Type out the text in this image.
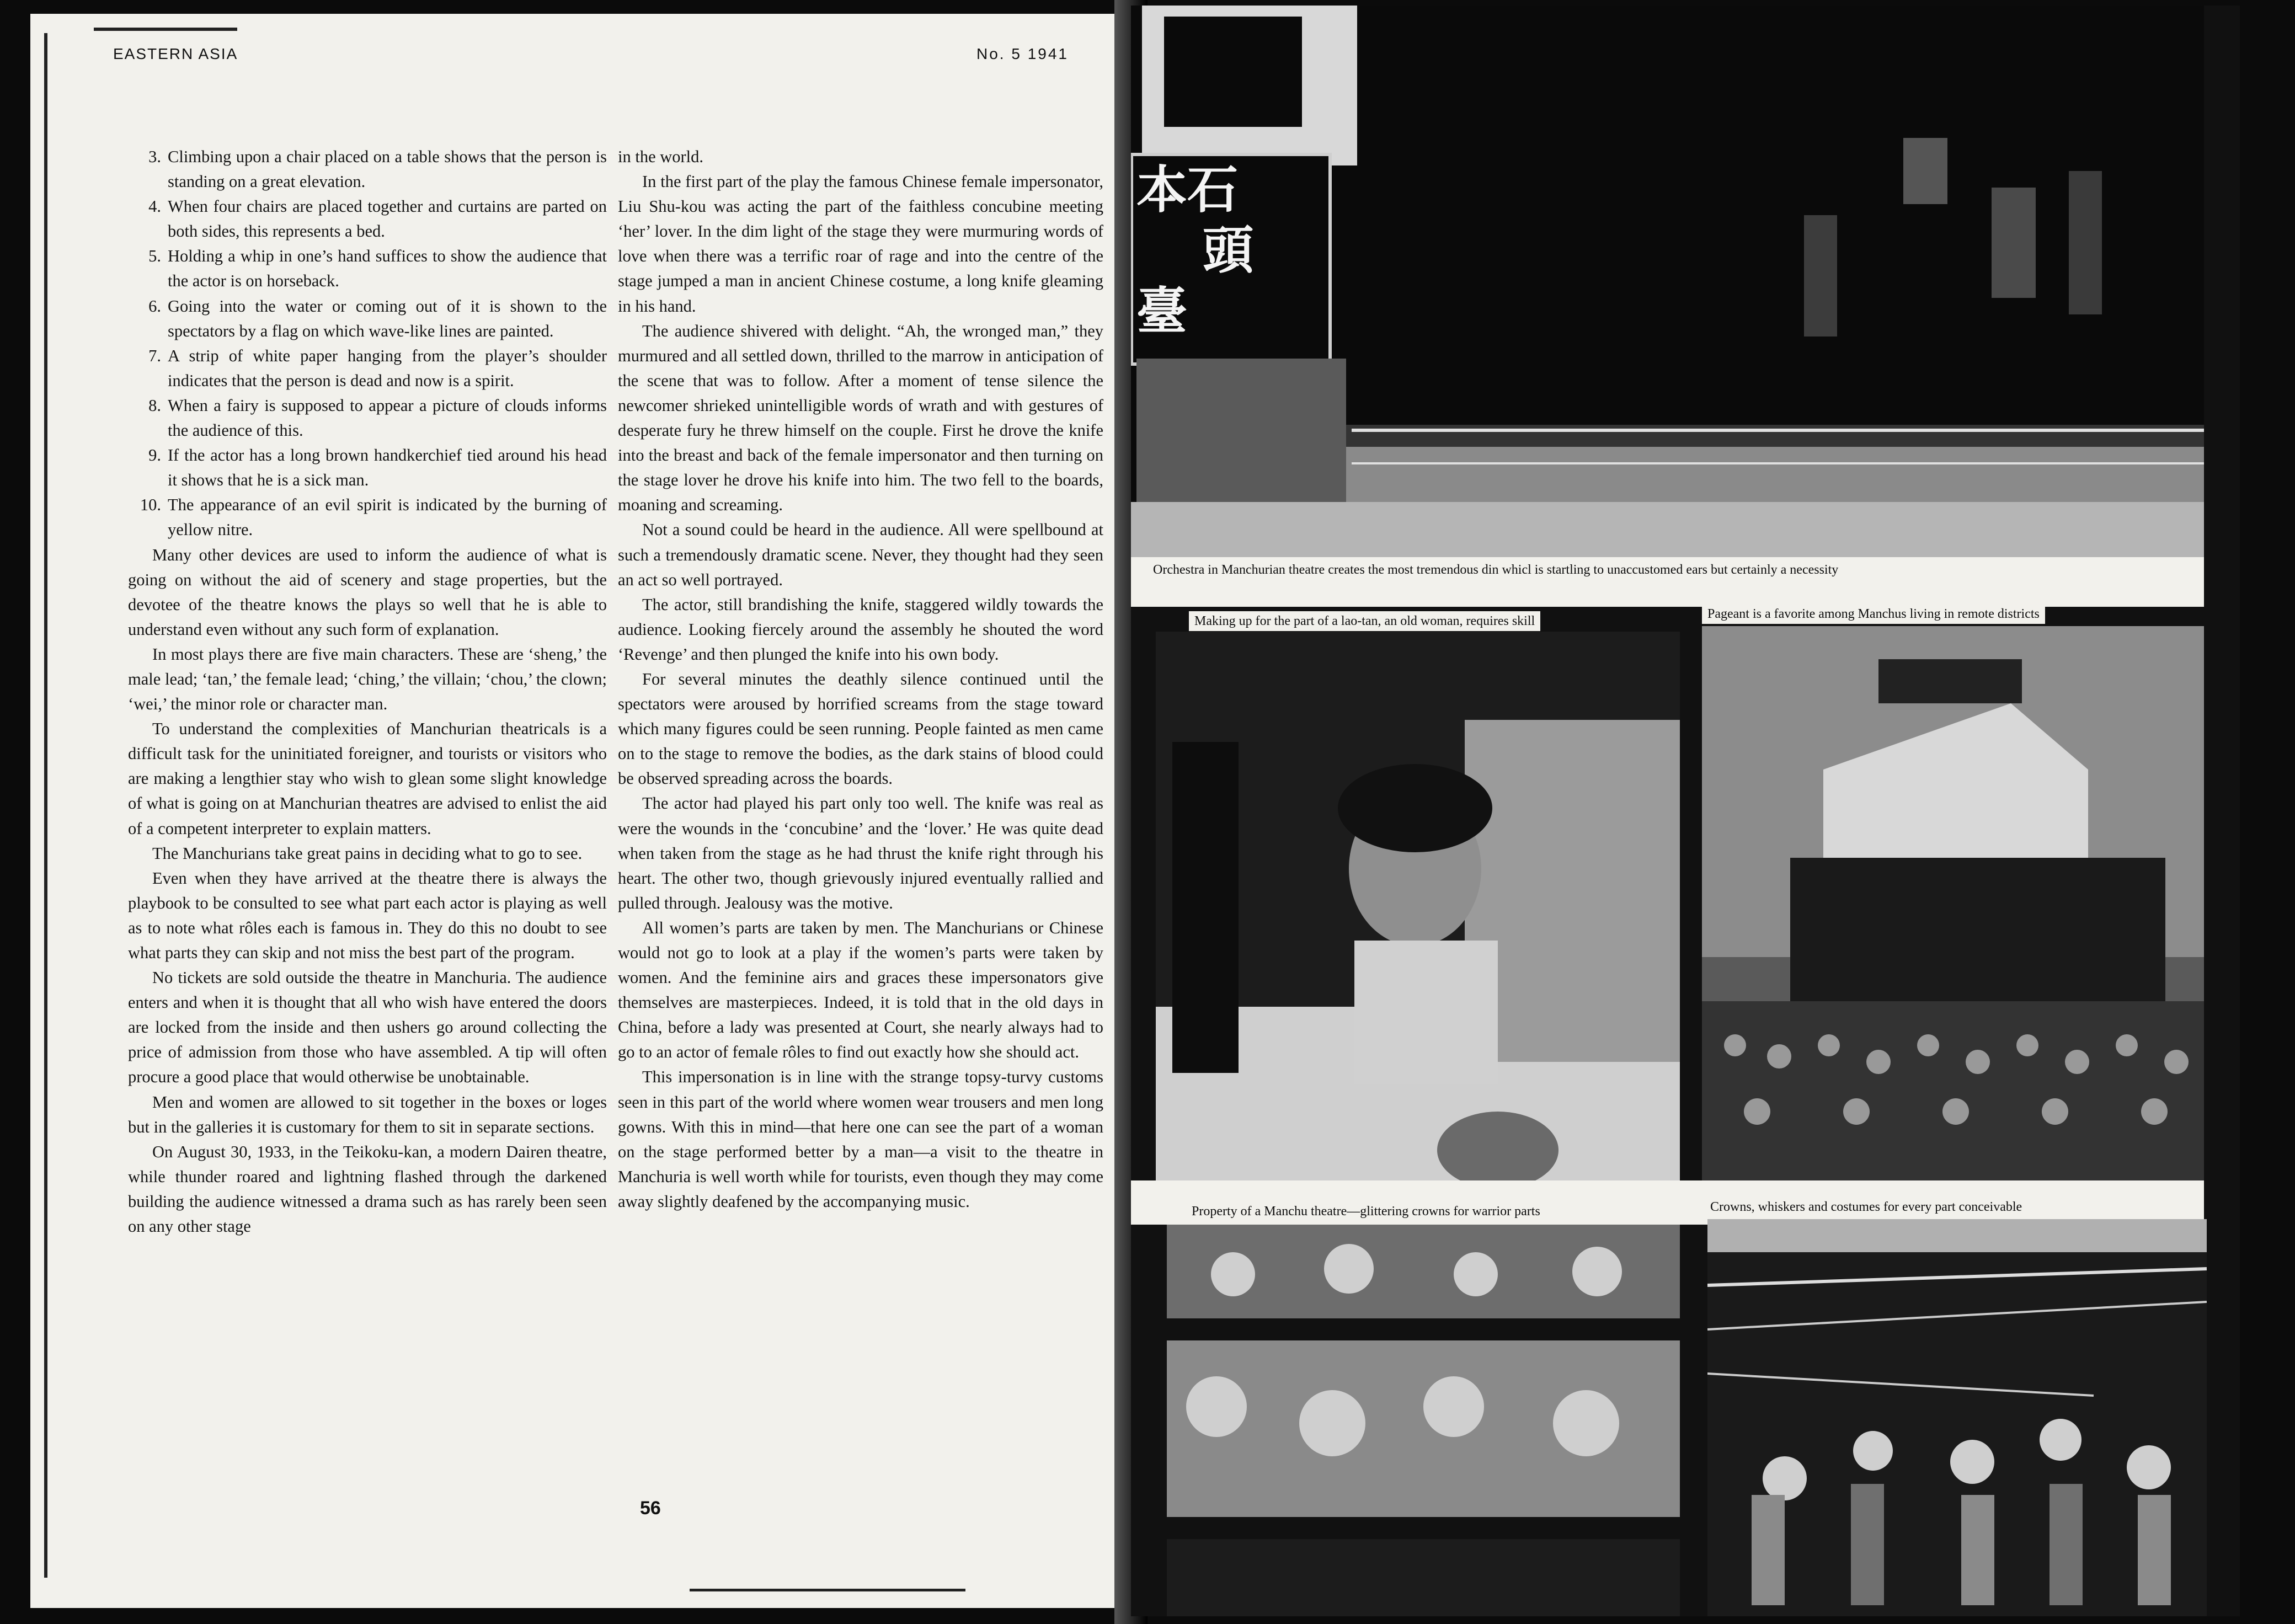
EASTERN ASIA	No. 5 1941
3. Climbing upon a chair placed on a table shows that the person is standing on a great elevation.
4. When four chairs are placed together and curtains are parted on both sides, this represents a bed.
5. Holding a whip in one’s hand suffices to show the audience that the actor is on horseback.
6. Going into the water or coming out of it is shown to the spectators by a flag on which wave-like lines are painted.
7. A strip of white paper hanging from the player’s shoulder indicates that the person is dead and now is a spirit.
8. When a fairy is supposed to appear a picture of clouds informs the audience of this.
9. If the actor has a long brown handkerchief tied around his head it shows that he is a sick man.
10. The appearance of an evil spirit is indicated by the burning of yellow nitre.

Many other devices are used to inform the audience of what is going on without the aid of scenery and stage properties, but the devotee of the theatre knows the plays so well that he is able to understand even without any such form of explanation.

In most plays there are five main characters. These are ‘sheng,’ the male lead; ‘tan,’ the female lead; ‘ching,’ the villain; ‘chou,’ the clown; ‘wei,’ the minor role or character man.

To understand the complexities of Manchurian theatricals is a difficult task for the uninitiated foreigner, and tourists or visitors who are making a lengthier stay who wish to glean some slight knowledge of what is going on at Manchurian theatres are advised to enlist the aid of a competent interpreter to explain matters.

The Manchurians take great pains in deciding what to go to see.

Even when they have arrived at the theatre there is always the playbook to be consulted to see what part each actor is playing as well as to note what rôles each is famous in. They do this no doubt to see what parts they can skip and not miss the best part of the program.

No tickets are sold outside the theatre in Manchuria. The audience enters and when it is thought that all who wish have entered the doors are locked from the inside and then ushers go around collecting the price of admission from those who have assembled. A tip will often procure a good place that would otherwise be unobtainable.

Men and women are allowed to sit together in the boxes or loges but in the galleries it is customary for them to sit in separate sections.

On August 30, 1933, in the Teikoku-kan, a modern Dairen theatre, while thunder roared and lightning flashed through the darkened building the audience witnessed a drama such as has rarely been seen on any other stage

in the world.

In the first part of the play the famous Chinese female impersonator, Liu Shu-kou was acting the part of the faithless concubine meeting ‘her’ lover. In the dim light of the stage they were murmuring words of love when there was a terrific roar of rage and into the centre of the stage jumped a man in ancient Chinese costume, a long knife gleaming in his hand.

The audience shivered with delight. “Ah, the wronged man,” they murmured and all settled down, thrilled to the marrow in anticipation of the scene that was to follow. After a moment of tense silence the newcomer shrieked unintelligible words of wrath and with gestures of desperate fury he threw himself on the couple. First he drove the knife into the breast and back of the female impersonator and then turning on the stage lover he drove his knife into him. The two fell to the boards, moaning and screaming.

Not a sound could be heard in the audience. All were spellbound at such a tremendously dramatic scene. Never, they thought had they seen an act so well portrayed.

The actor, still brandishing the knife, staggered wildly towards the audience. Looking fiercely around the assembly he shouted the word ‘Revenge’ and then plunged the knife into his own body.

For several minutes the deathly silence continued until the spectators were aroused by horrified screams from the stage toward which many figures could be seen running. People fainted as men came on to the stage to remove the bodies, as the dark stains of blood could be observed spreading across the boards.

The actor had played his part only too well. The knife was real as were the wounds in the ‘concubine’ and the ‘lover.’ He was quite dead when taken from the stage as he had thrust the knife right through his heart. The other two, though grievously injured eventually rallied and pulled through. Jealousy was the motive.

All women’s parts are taken by men. The Manchurians or Chinese would not go to look at a play if the women’s parts were taken by women. And the feminine airs and graces these impersonators give themselves are masterpieces. Indeed, it is told that in the old days in China, before a lady was presented at Court, she nearly always had to go to an actor of female rôles to find out exactly how she should act.

This impersonation is in line with the strange topsy-turvy customs seen in this part of the world where women wear trousers and men long gowns. With this in mind—that here one can see the part of a woman on the stage performed better by a man—a visit to the theatre in Manchuria is well worth while for tourists, even though they may come away slightly deafened by the accompanying music.

56
本石
頭
臺
Orchestra in Manchurian theatre creates the most tremendous din whicl is startling to unaccustomed ears but certainly a necessity
Making up for the part of a lao-tan, an old woman, requires skill	Pageant is a favorite among Manchus living in remote districts
Property of a Manchu theatre—glittering crowns for warrior parts	Crowns, whiskers and costumes for every part conceivable
